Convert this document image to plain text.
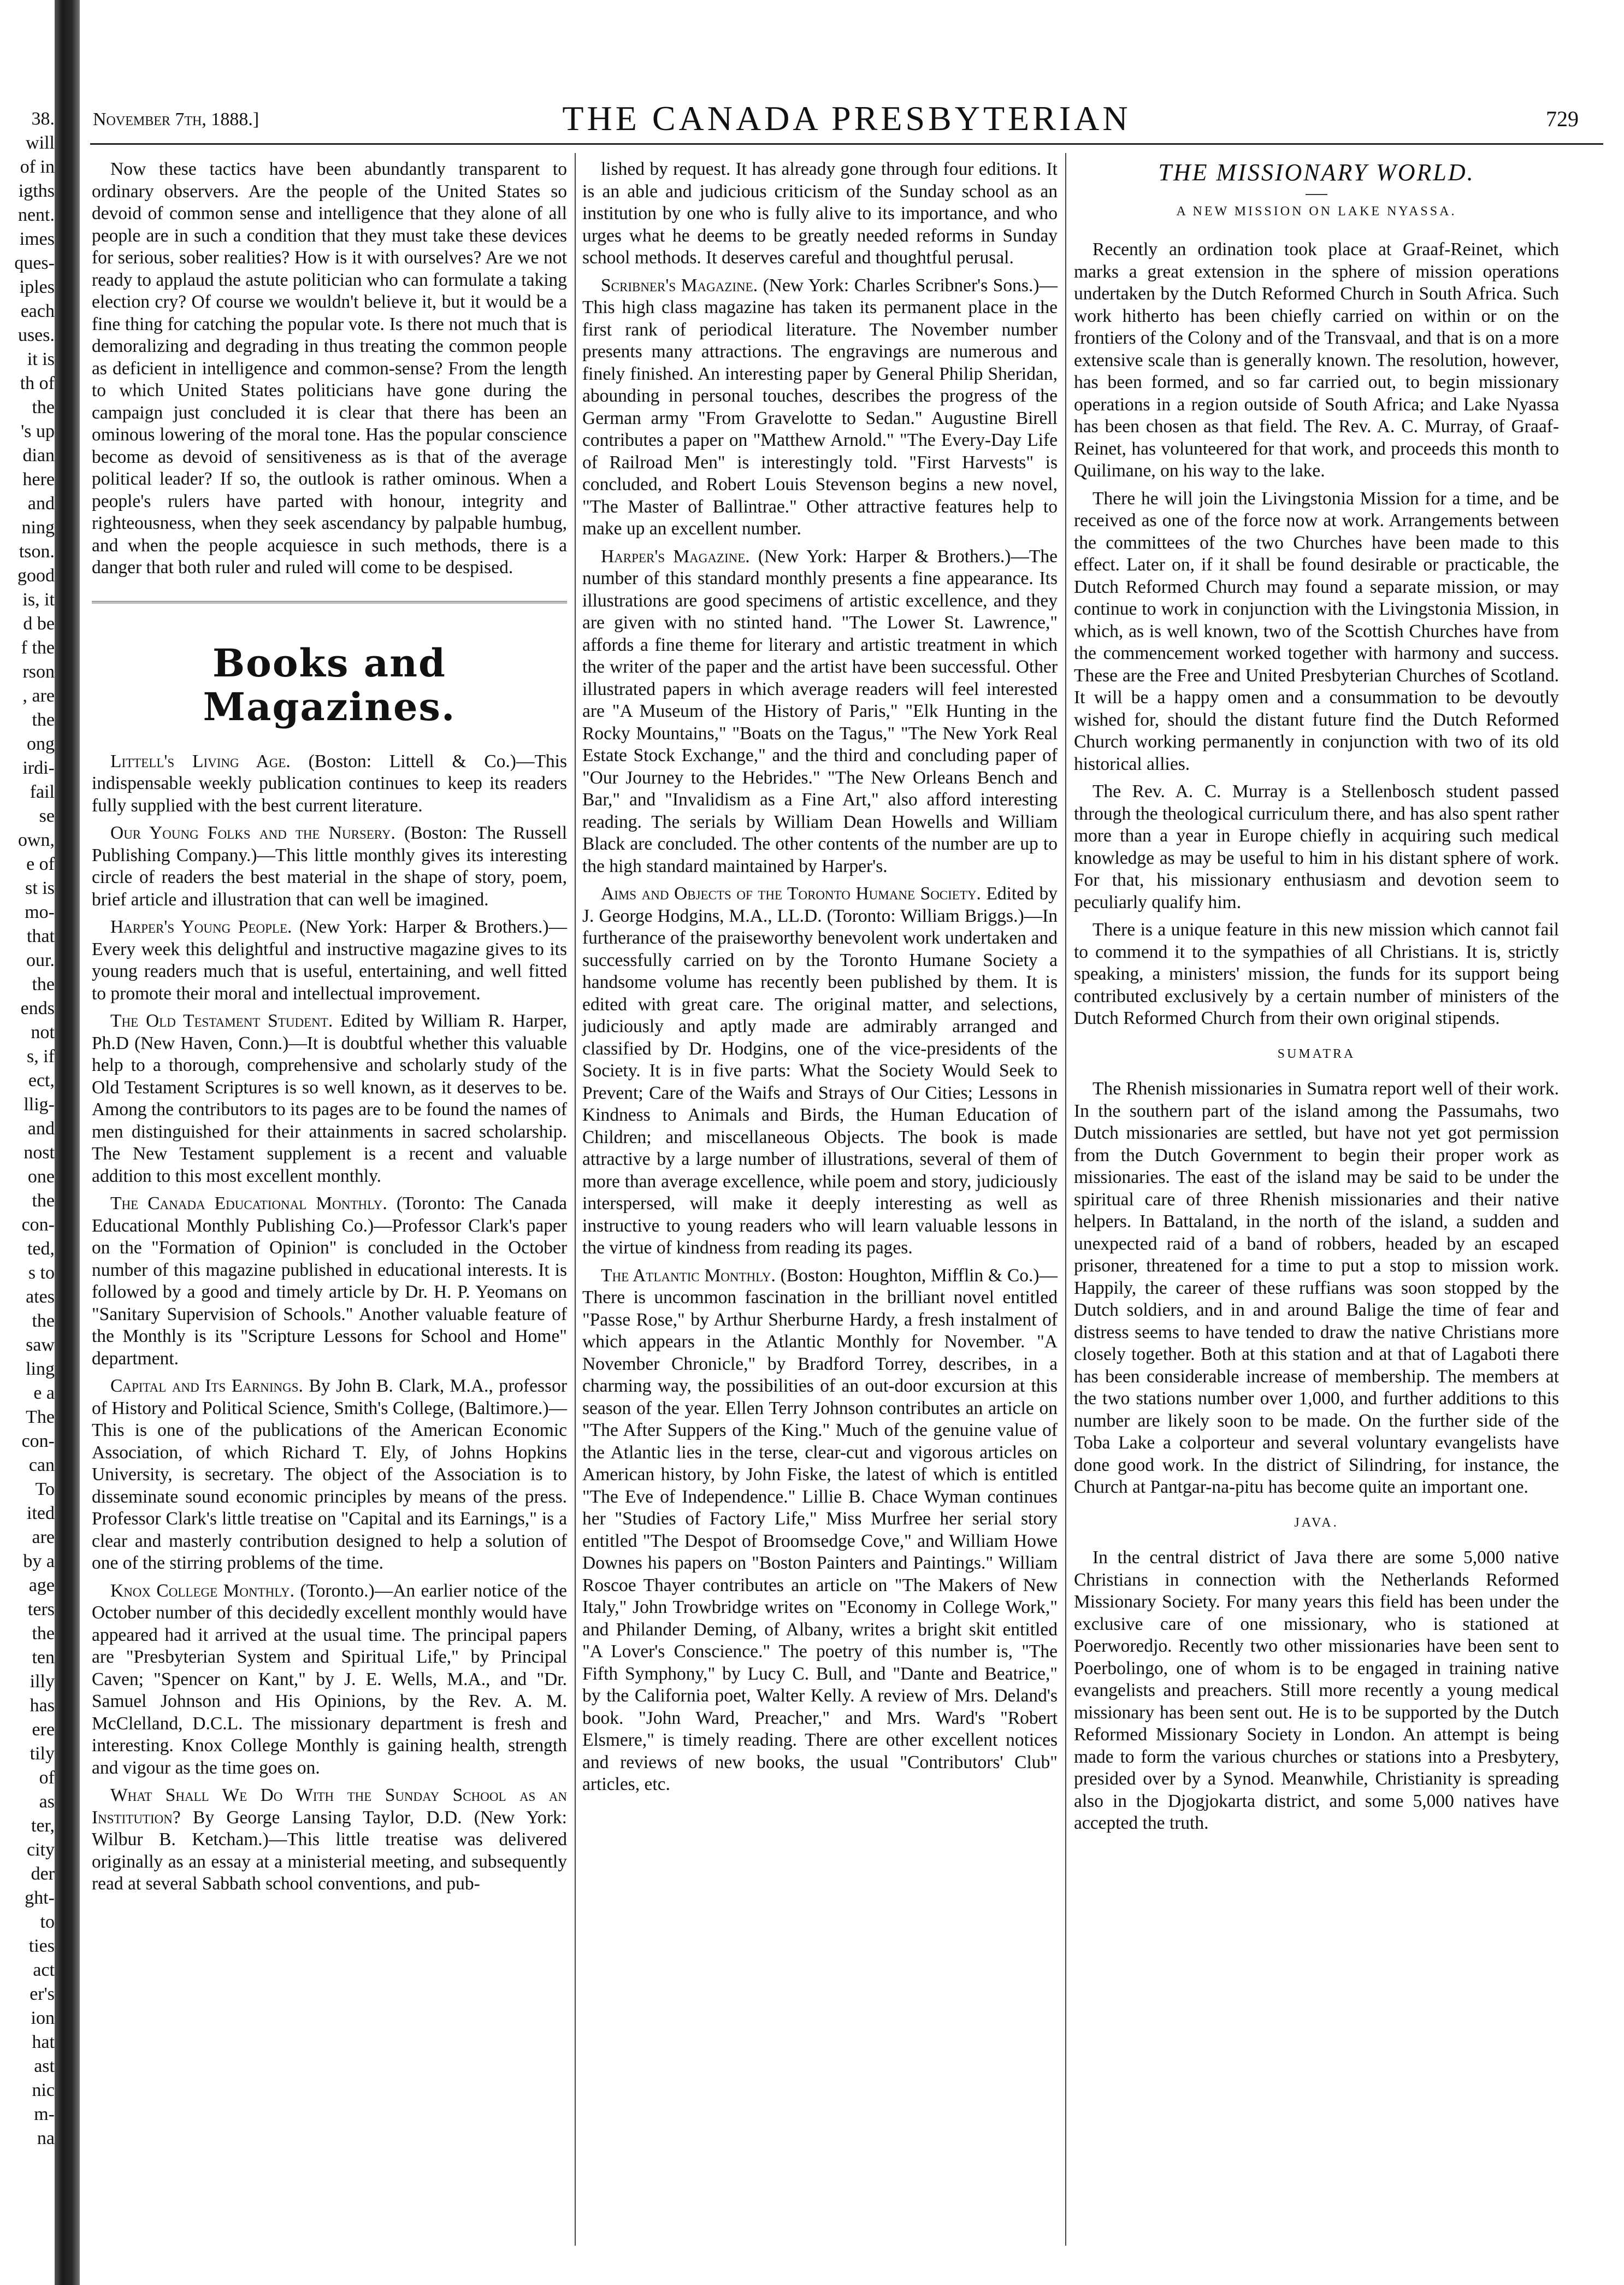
38.
will
of in
igths
nent.
imes
ques-
iples
each
uses.
it is
th of
the
's up
dian
here
and
ning
tson.
good
is, it
d be
f the
rson
, are
the
ong
irdi-
fail
se
own,
e of
st is
mo-
that
our.
the
ends
not
s, if
ect,
llig-
and
nost
one
the
con-
ted,
s to
ates
the
saw
ling
e a
The
con-
can
To
ited
are
by a
age
ters
the
ten
illy
has
ere
tily
of
as
ter,
city
der
ght-
to
ties
act
er's
ion
hat
ast
nic
m-
na
November 7th, 1888.]	THE CANADA PRESBYTERIAN	729

Now these tactics have been abundantly transparent to ordinary observers. Are the people of the United States so devoid of common sense and intelligence that they alone of all people are in such a condition that they must take these devices for serious, sober realities? How is it with ourselves? Are we not ready to applaud the astute politician who can formulate a taking election cry? Of course we wouldn't believe it, but it would be a fine thing for catching the popular vote. Is there not much that is demoralizing and degrading in thus treating the common people as deficient in intelligence and common-sense? From the length to which United States politicians have gone during the campaign just concluded it is clear that there has been an ominous lowering of the moral tone. Has the popular conscience become as devoid of sensitiveness as is that of the average political leader? If so, the outlook is rather ominous. When a people's rulers have parted with honour, integrity and righteousness, when they seek ascendancy by palpable humbug, and when the people acquiesce in such methods, there is a danger that both ruler and ruled will come to be despised.

Books and Magazines.

Littell's Living Age. (Boston: Littell & Co.)—This indispensable weekly publication continues to keep its readers fully supplied with the best current literature.

Our Young Folks and the Nursery. (Boston: The Russell Publishing Company.)—This little monthly gives its interesting circle of readers the best material in the shape of story, poem, brief article and illustration that can well be imagined.

Harper's Young People. (New York: Harper & Brothers.)—Every week this delightful and instructive magazine gives to its young readers much that is useful, entertaining, and well fitted to promote their moral and intellectual improvement.

The Old Testament Student. Edited by William R. Harper, Ph.D (New Haven, Conn.)—It is doubtful whether this valuable help to a thorough, comprehensive and scholarly study of the Old Testament Scriptures is so well known, as it deserves to be. Among the contributors to its pages are to be found the names of men distinguished for their attainments in sacred scholarship. The New Testament supplement is a recent and valuable addition to this most excellent monthly.

The Canada Educational Monthly. (Toronto: The Canada Educational Monthly Publishing Co.)—Professor Clark's paper on the "Formation of Opinion" is concluded in the October number of this magazine published in educational interests. It is followed by a good and timely article by Dr. H. P. Yeomans on "Sanitary Supervision of Schools." Another valuable feature of the Monthly is its "Scripture Lessons for School and Home" department.

Capital and Its Earnings. By John B. Clark, M.A., professor of History and Political Science, Smith's College, (Baltimore.)—This is one of the publications of the American Economic Association, of which Richard T. Ely, of Johns Hopkins University, is secretary. The object of the Association is to disseminate sound economic principles by means of the press. Professor Clark's little treatise on "Capital and its Earnings," is a clear and masterly contribution designed to help a solution of one of the stirring problems of the time.

Knox College Monthly. (Toronto.)—An earlier notice of the October number of this decidedly excellent monthly would have appeared had it arrived at the usual time. The principal papers are "Presbyterian System and Spiritual Life," by Principal Caven; "Spencer on Kant," by J. E. Wells, M.A., and "Dr. Samuel Johnson and His Opinions, by the Rev. A. M. McClelland, D.C.L. The missionary department is fresh and interesting. Knox College Monthly is gaining health, strength and vigour as the time goes on.

What Shall We Do With the Sunday School as an Institution? By George Lansing Taylor, D.D. (New York: Wilbur B. Ketcham.)—This little treatise was delivered originally as an essay at a ministerial meeting, and subsequently read at several Sabbath school conventions, and pub-

lished by request. It has already gone through four editions. It is an able and judicious criticism of the Sunday school as an institution by one who is fully alive to its importance, and who urges what he deems to be greatly needed reforms in Sunday school methods. It deserves careful and thoughtful perusal.

Scribner's Magazine. (New York: Charles Scribner's Sons.)—This high class magazine has taken its permanent place in the first rank of periodical literature. The November number presents many attractions. The engravings are numerous and finely finished. An interesting paper by General Philip Sheridan, abounding in personal touches, describes the progress of the German army "From Gravelotte to Sedan." Augustine Birell contributes a paper on "Matthew Arnold." "The Every-Day Life of Railroad Men" is interestingly told. "First Harvests" is concluded, and Robert Louis Stevenson begins a new novel, "The Master of Ballintrae." Other attractive features help to make up an excellent number.

Harper's Magazine. (New York: Harper & Brothers.)—The number of this standard monthly presents a fine appearance. Its illustrations are good specimens of artistic excellence, and they are given with no stinted hand. "The Lower St. Lawrence," affords a fine theme for literary and artistic treatment in which the writer of the paper and the artist have been successful. Other illustrated papers in which average readers will feel interested are "A Museum of the History of Paris," "Elk Hunting in the Rocky Mountains," "Boats on the Tagus," "The New York Real Estate Stock Exchange," and the third and concluding paper of "Our Journey to the Hebrides." "The New Orleans Bench and Bar," and "Invalidism as a Fine Art," also afford interesting reading. The serials by William Dean Howells and William Black are concluded. The other contents of the number are up to the high standard maintained by Harper's.

Aims and Objects of the Toronto Humane Society. Edited by J. George Hodgins, M.A., LL.D. (Toronto: William Briggs.)—In furtherance of the praiseworthy benevolent work undertaken and successfully carried on by the Toronto Humane Society a handsome volume has recently been published by them. It is edited with great care. The original matter, and selections, judiciously and aptly made are admirably arranged and classified by Dr. Hodgins, one of the vice-presidents of the Society. It is in five parts: What the Society Would Seek to Prevent; Care of the Waifs and Strays of Our Cities; Lessons in Kindness to Animals and Birds, the Human Education of Children; and miscellaneous Objects. The book is made attractive by a large number of illustrations, several of them of more than average excellence, while poem and story, judiciously interspersed, will make it deeply interesting as well as instructive to young readers who will learn valuable lessons in the virtue of kindness from reading its pages.

The Atlantic Monthly. (Boston: Houghton, Mifflin & Co.)—There is uncommon fascination in the brilliant novel entitled "Passe Rose," by Arthur Sherburne Hardy, a fresh instalment of which appears in the Atlantic Monthly for November. "A November Chronicle," by Bradford Torrey, describes, in a charming way, the possibilities of an out-door excursion at this season of the year. Ellen Terry Johnson contributes an article on "The After Suppers of the King." Much of the genuine value of the Atlantic lies in the terse, clear-cut and vigorous articles on American history, by John Fiske, the latest of which is entitled "The Eve of Independence." Lillie B. Chace Wyman continues her "Studies of Factory Life," Miss Murfree her serial story entitled "The Despot of Broomsedge Cove," and William Howe Downes his papers on "Boston Painters and Paintings." William Roscoe Thayer contributes an article on "The Makers of New Italy," John Trowbridge writes on "Economy in College Work," and Philander Deming, of Albany, writes a bright skit entitled "A Lover's Conscience." The poetry of this number is, "The Fifth Symphony," by Lucy C. Bull, and "Dante and Beatrice," by the California poet, Walter Kelly. A review of Mrs. Deland's book. "John Ward, Preacher," and Mrs. Ward's "Robert Elsmere," is timely reading. There are other excellent notices and reviews of new books, the usual "Contributors' Club" articles, etc.

THE MISSIONARY WORLD.
A NEW MISSION ON LAKE NYASSA.

Recently an ordination took place at Graaf-Reinet, which marks a great extension in the sphere of mission operations undertaken by the Dutch Reformed Church in South Africa. Such work hitherto has been chiefly carried on within or on the frontiers of the Colony and of the Transvaal, and that is on a more extensive scale than is generally known. The resolution, however, has been formed, and so far carried out, to begin missionary operations in a region outside of South Africa; and Lake Nyassa has been chosen as that field. The Rev. A. C. Murray, of Graaf-Reinet, has volunteered for that work, and proceeds this month to Quilimane, on his way to the lake.

There he will join the Livingstonia Mission for a time, and be received as one of the force now at work. Arrangements between the committees of the two Churches have been made to this effect. Later on, if it shall be found desirable or practicable, the Dutch Reformed Church may found a separate mission, or may continue to work in conjunction with the Livingstonia Mission, in which, as is well known, two of the Scottish Churches have from the commencement worked together with harmony and success. These are the Free and United Presbyterian Churches of Scotland. It will be a happy omen and a consummation to be devoutly wished for, should the distant future find the Dutch Reformed Church working permanently in conjunction with two of its old historical allies.

The Rev. A. C. Murray is a Stellenbosch student passed through the theological curriculum there, and has also spent rather more than a year in Europe chiefly in acquiring such medical knowledge as may be useful to him in his distant sphere of work. For that, his missionary enthusiasm and devotion seem to peculiarly qualify him.

There is a unique feature in this new mission which cannot fail to commend it to the sympathies of all Christians. It is, strictly speaking, a ministers' mission, the funds for its support being contributed exclusively by a certain number of ministers of the Dutch Reformed Church from their own original stipends.

SUMATRA

The Rhenish missionaries in Sumatra report well of their work. In the southern part of the island among the Passumahs, two Dutch missionaries are settled, but have not yet got permission from the Dutch Government to begin their proper work as missionaries. The east of the island may be said to be under the spiritual care of three Rhenish missionaries and their native helpers. In Battaland, in the north of the island, a sudden and unexpected raid of a band of robbers, headed by an escaped prisoner, threatened for a time to put a stop to mission work. Happily, the career of these ruffians was soon stopped by the Dutch soldiers, and in and around Balige the time of fear and distress seems to have tended to draw the native Christians more closely together. Both at this station and at that of Lagaboti there has been considerable increase of membership. The members at the two stations number over 1,000, and further additions to this number are likely soon to be made. On the further side of the Toba Lake a colporteur and several voluntary evangelists have done good work. In the district of Silindring, for instance, the Church at Pantgar-na-pitu has become quite an important one.

JAVA.

In the central district of Java there are some 5,000 native Christians in connection with the Netherlands Reformed Missionary Society. For many years this field has been under the exclusive care of one missionary, who is stationed at Poerworedjo. Recently two other missionaries have been sent to Poerbolingo, one of whom is to be engaged in training native evangelists and preachers. Still more recently a young medical missionary has been sent out. He is to be supported by the Dutch Reformed Missionary Society in London. An attempt is being made to form the various churches or stations into a Presbytery, presided over by a Synod. Meanwhile, Christianity is spreading also in the Djogjokarta district, and some 5,000 natives have accepted the truth.
